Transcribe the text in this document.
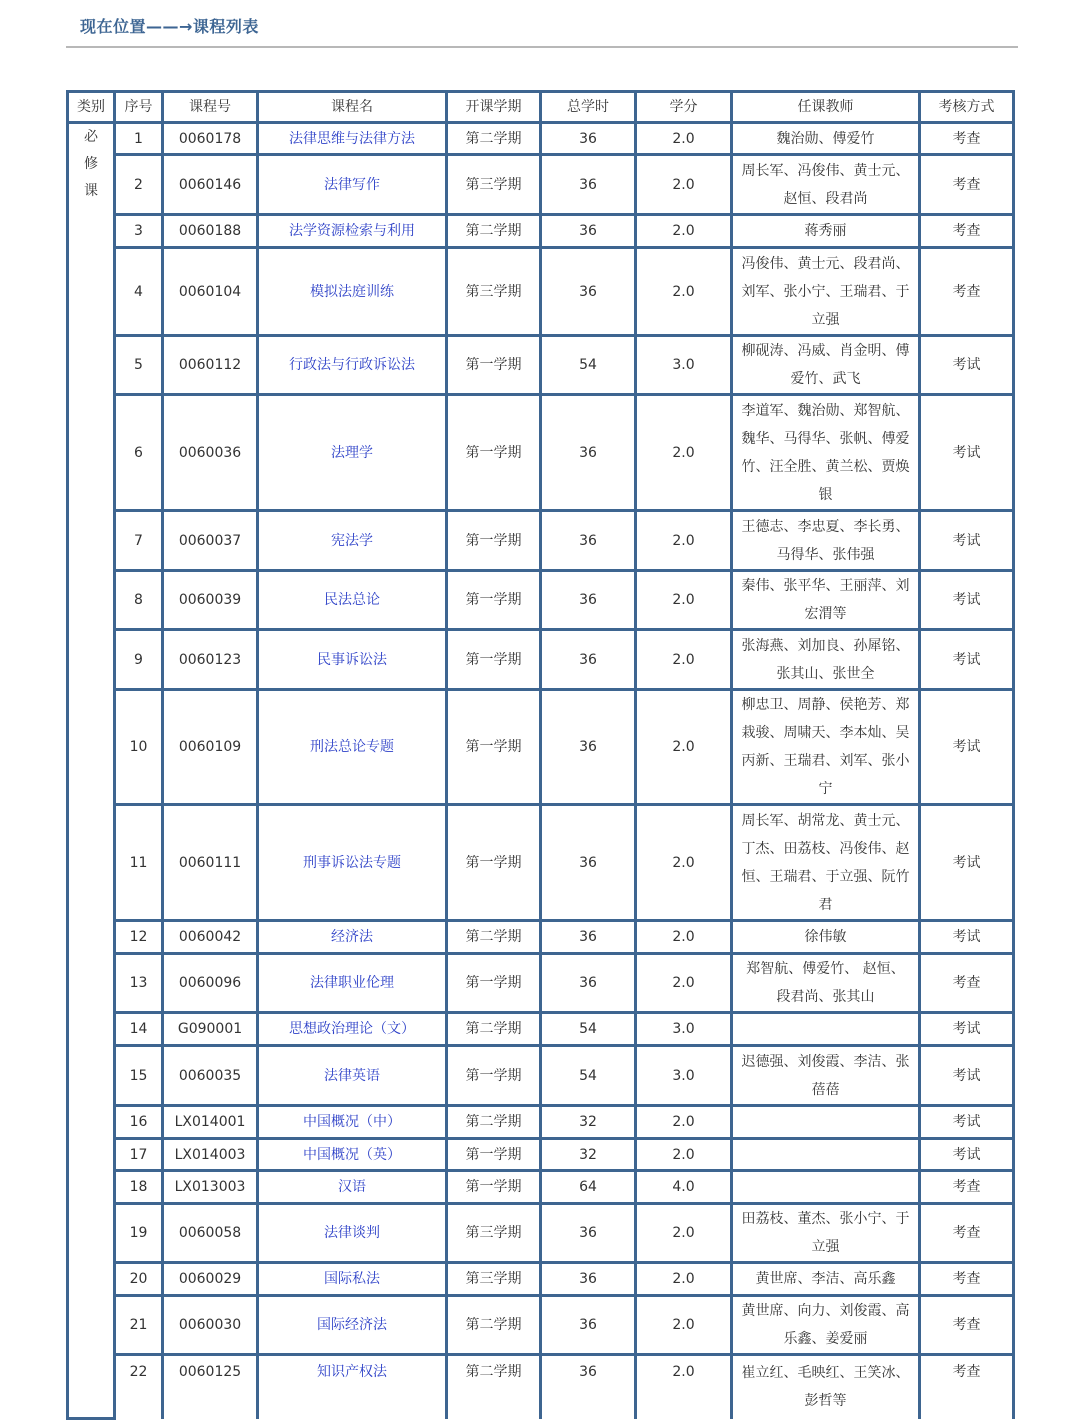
现在位置——→课程列表
类别	序号	课程号	课程名	开课学期	总学时	学分	任课教师	考核方式

必
修
课	1	0060178	法律思维与法律方法	第二学期	36	2.0	魏治勋、傅爱竹	考查
	2	0060146	法律写作	第三学期	36	2.0	周长军、冯俊伟、黄士元、赵恒、段君尚	考查
	3	0060188	法学资源检索与利用	第二学期	36	2.0	蒋秀丽	考查
	4	0060104	模拟法庭训练	第三学期	36	2.0	冯俊伟、黄士元、段君尚、刘军、张小宁、王瑞君、于立强	考查
	5	0060112	行政法与行政诉讼法	第一学期	54	3.0	柳砚涛、冯威、肖金明、傅爱竹、武飞	考试
	6	0060036	法理学	第一学期	36	2.0	李道军、魏治勋、郑智航、魏华、马得华、张帆、傅爱竹、汪全胜、黄兰松、贾焕银	考试
	7	0060037	宪法学	第一学期	36	2.0	王德志、李忠夏、李长勇、马得华、张伟强	考试
	8	0060039	民法总论	第一学期	36	2.0	秦伟、张平华、王丽萍、刘宏渭等	考试
	9	0060123	民事诉讼法	第一学期	36	2.0	张海燕、刘加良、孙犀铭、张其山、张世全	考试
	10	0060109	刑法总论专题	第一学期	36	2.0	柳忠卫、周静、侯艳芳、郑栽骏、周啸天、李本灿、吴丙新、王瑞君、刘军、张小宁	考试
	11	0060111	刑事诉讼法专题	第一学期	36	2.0	周长军、胡常龙、黄士元、丁杰、田荔枝、冯俊伟、赵恒、王瑞君、于立强、阮竹君	考试
	12	0060042	经济法	第二学期	36	2.0	徐伟敏	考试
	13	0060096	法律职业伦理	第一学期	36	2.0	郑智航、傅爱竹、 赵恒、段君尚、张其山	考查
	14	G090001	思想政治理论（文）	第二学期	54	3.0		考试
	15	0060035	法律英语	第一学期	54	3.0	迟德强、刘俊霞、李洁、张蓓蓓	考试
	16	LX014001	中国概况（中）	第二学期	32	2.0		考试
	17	LX014003	中国概况（英）	第一学期	32	2.0		考试
	18	LX013003	汉语	第一学期	64	4.0		考查
	19	0060058	法律谈判	第三学期	36	2.0	田荔枝、董杰、张小宁、于立强	考查
	20	0060029	国际私法	第三学期	36	2.0	黄世席、李洁、高乐鑫	考查
	21	0060030	国际经济法	第二学期	36	2.0	黄世席、向力、刘俊霞、高乐鑫、姜爱丽	考查
	22	0060125	知识产权法	第二学期	36	2.0	崔立红、毛映红、王笑冰、彭哲等	考查
